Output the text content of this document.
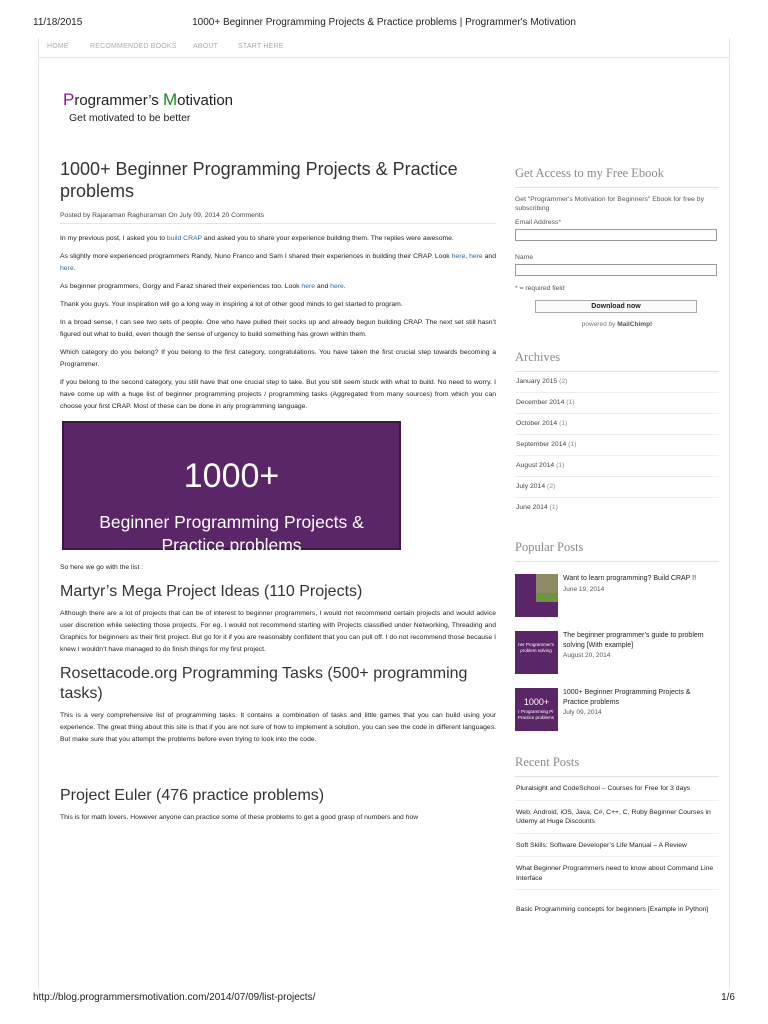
11/18/2015	1000+ Beginner Programming Projects & Practice problems | Programmer's Motivation
HOME	RECOMMENDED BOOKS ABOUT	START HERE
Programmer’s Motivation
Get motivated to be better
1000+ Beginner Programming Projects & Practice problems
Posted by Rajaraman Raghuraman On July 09, 2014 20 Comments

In my previous post, I asked you to build CRAP and asked you to share your experience building them. The replies were awesome.

As slightly more experienced programmers Randy, Nuno Franco and Sam I shared their experiences in building their CRAP. Look here, here and here.

As beginner programmers, Gorgy and Faraz shared their experiences too. Look here and here.

Thank you guys. Your inspiration will go a long way in inspiring a lot of other good minds to get started to program.

In a broad sense, I can see two sets of people. One who have pulled their socks up and already begun building CRAP. The next set still hasn’t figured out what to build, even though the sense of urgency to build something has grown within them.

Which category do you belong? If you belong to the first category, congratulations. You have taken the first crucial step towards becoming a Programmer.

If you belong to the second category, you still have that one crucial step to take. But you still seem stuck with what to build. No need to worry. I have come up with a huge list of beginner programming projects / programming tasks (Aggregated from many sources) from which you can choose your first CRAP. Most of these can be done in any programming language.

1000+
Beginner Programming Projects &
Practice problems

So here we go with the list :

Martyr’s Mega Project Ideas (110 Projects)

Although there are a lot of projects that can be of interest to beginner programmers, I would not recommend certain projects and would advice user discretion while selecting those projects. For eg. I would not recommend starting with Projects classified under Networking, Threading and Graphics for beginners as their first project. But go for it if you are reasonably confident that you can pull off. I do not recommend those because I knew I wouldn’t have managed to do finish things for my first project.

Rosettacode.org Programming Tasks (500+ programming tasks)

This is a very comprehensive list of programming tasks. It contains a combination of tasks and little games that you can build using your experience. The great thing about this site is that if you are not sure of how to implement a solution, you can see the code in different languages. But make sure that you attempt the problems before even trying to look into the code.

Project Euler (476 practice problems)

This is for math lovers. However anyone can practice some of these problems to get a good grasp of numbers and how

Get Access to my Free Ebook
Get "Programmer's Motivation for Beginners" Ebook for free by subscribing
Email Address*
Name
* = required field
Download now
powered by MailChimp!
Archives
January 2015 (2)
December 2014 (1)
October 2014 (1)
September 2014 (1)
August 2014 (1)
July 2014 (2)
June 2014 (1)
Popular Posts
Want to learn programming? Build CRAP !!
June 19, 2014
ner Programmer's problem solving
The beginner programmer’s guide to problem solving [With example]
August 20, 2014
1000+
r Programming Pr Practice problems
1000+ Beginner Programming Projects & Practice problems
July 09, 2014
Recent Posts
Pluralsight and CodeSchool – Courses for Free for 3 days
Web, Android, iOS, Java, C#, C++, C, Ruby Beginner Courses in Udemy at Huge Discounts
Soft Skills: Software Developer’s Life Manual – A Review
What Beginner Programmers need to know about Command Line Interface
Basic Programming concepts for beginners [Example in Python]
http://blog.programmersmotivation.com/2014/07/09/list-projects/	1/6
